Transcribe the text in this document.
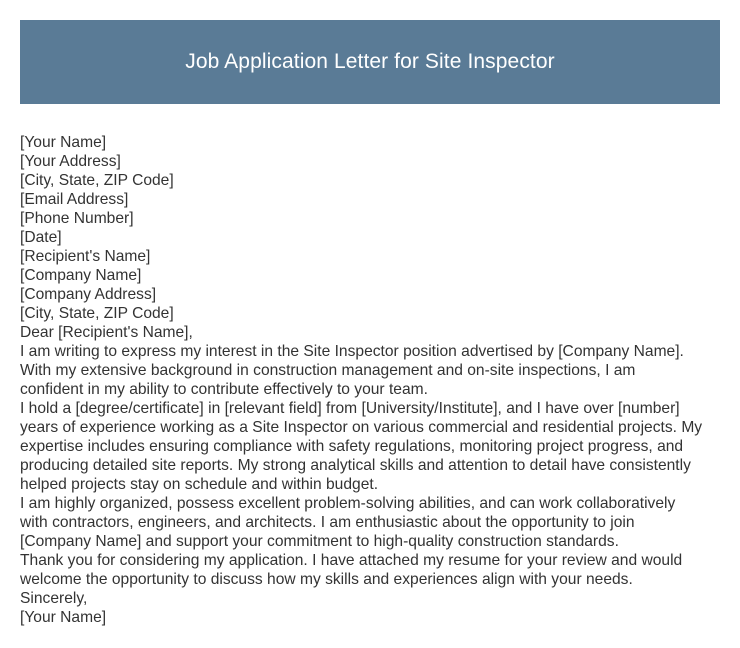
Job Application Letter for Site Inspector
[Your Name]
[Your Address]
[City, State, ZIP Code]
[Email Address]
[Phone Number]
[Date]
[Recipient's Name]
[Company Name]
[Company Address]
[City, State, ZIP Code]
Dear [Recipient's Name],
I am writing to express my interest in the Site Inspector position advertised by [Company Name].
With my extensive background in construction management and on-site inspections, I am
confident in my ability to contribute effectively to your team.
I hold a [degree/certificate] in [relevant field] from [University/Institute], and I have over [number]
years of experience working as a Site Inspector on various commercial and residential projects. My
expertise includes ensuring compliance with safety regulations, monitoring project progress, and
producing detailed site reports. My strong analytical skills and attention to detail have consistently
helped projects stay on schedule and within budget.
I am highly organized, possess excellent problem-solving abilities, and can work collaboratively
with contractors, engineers, and architects. I am enthusiastic about the opportunity to join
[Company Name] and support your commitment to high-quality construction standards.
Thank you for considering my application. I have attached my resume for your review and would
welcome the opportunity to discuss how my skills and experiences align with your needs.
Sincerely,
[Your Name]
